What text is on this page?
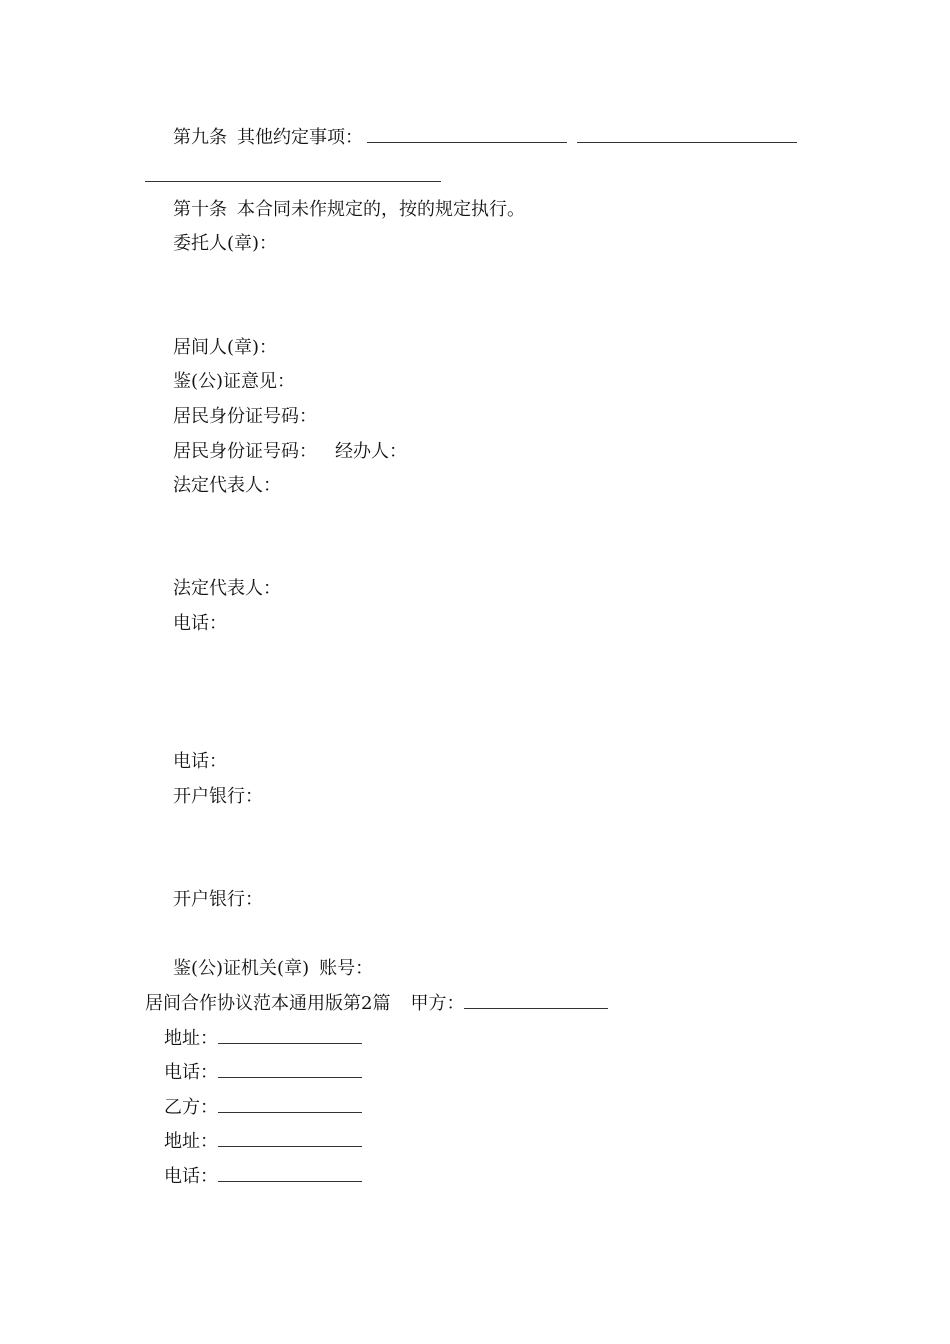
第九条 其他约定事项：
第十条 本合同未作规定的，按的规定执行。
委托人(章)：
居间人(章)：
鉴(公)证意见：
居民身份证号码：
居民身份证号码： 经办人：
法定代表人：
法定代表人：
电话：
电话：
开户银行：
开户银行：
鉴(公)证机关(章) 账号：
居间合作协议范本通用版第2篇 甲方：
地址：
电话：
乙方：
地址：
电话：
